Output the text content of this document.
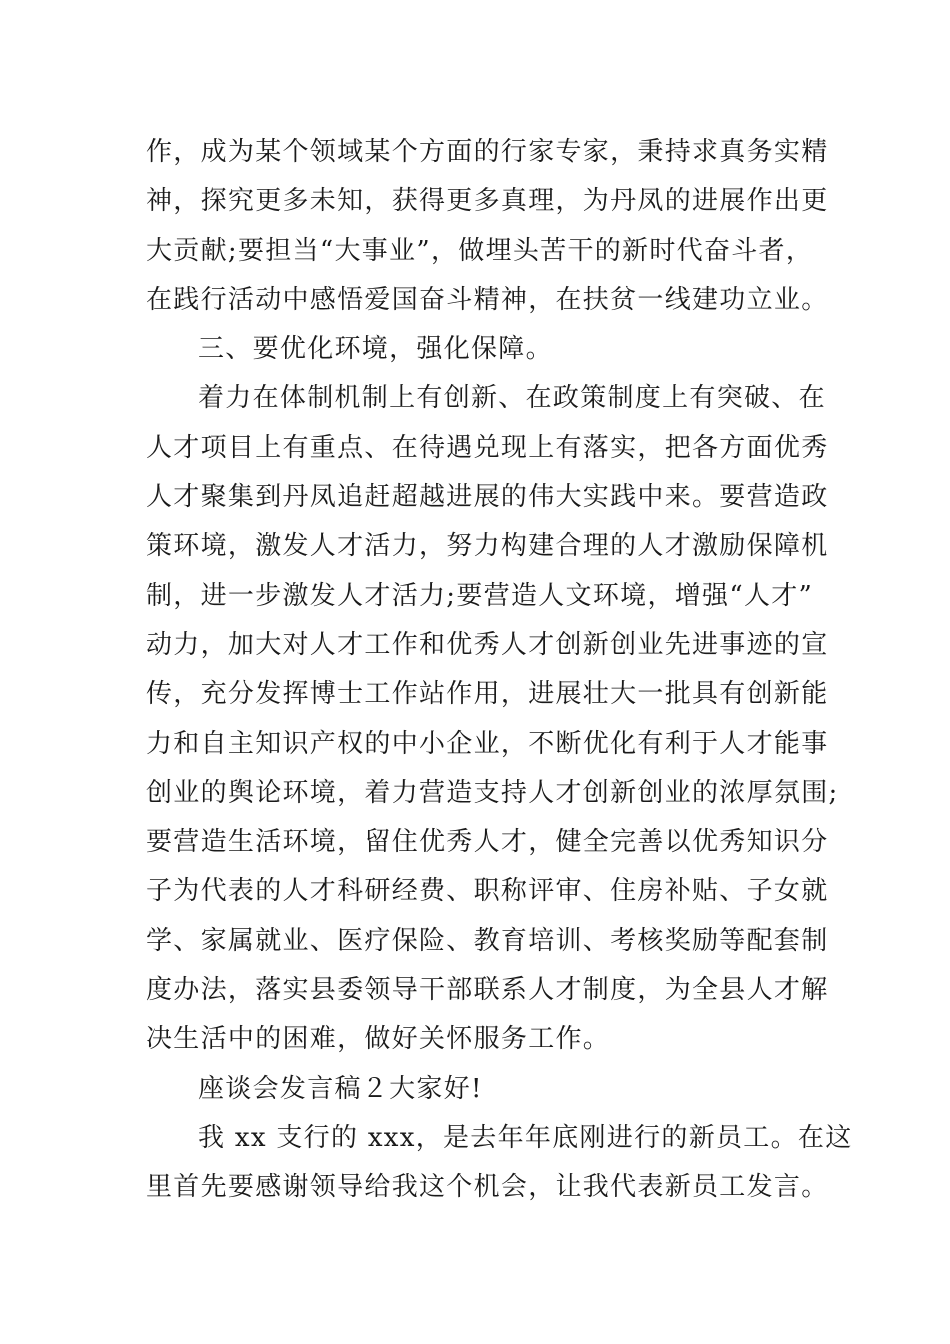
作，成为某个领域某个方面的行家专家，秉持求真务实精
神，探究更多未知，获得更多真理，为丹凤的进展作出更
大贡献;要担当“大事业”，做埋头苦干的新时代奋斗者，
在践行活动中感悟爱国奋斗精神，在扶贫一线建功立业。
三、要优化环境，强化保障。
着力在体制机制上有创新、在政策制度上有突破、在
人才项目上有重点、在待遇兑现上有落实，把各方面优秀
人才聚集到丹凤追赶超越进展的伟大实践中来。要营造政
策环境，激发人才活力，努力构建合理的人才激励保障机
制，进一步激发人才活力;要营造人文环境，增强“人才”
动力，加大对人才工作和优秀人才创新创业先进事迹的宣
传，充分发挥博士工作站作用，进展壮大一批具有创新能
力和自主知识产权的中小企业，不断优化有利于人才能事
创业的舆论环境，着力营造支持人才创新创业的浓厚氛围;
要营造生活环境，留住优秀人才，健全完善以优秀知识分
子为代表的人才科研经费、职称评审、住房补贴、子女就
学、家属就业、医疗保险、教育培训、考核奖励等配套制
度办法，落实县委领导干部联系人才制度，为全县人才解
决生活中的困难，做好关怀服务工作。
座谈会发言稿２大家好!
我 xx 支行的 xxx，是去年年底刚进行的新员工。在这
里首先要感谢领导给我这个机会，让我代表新员工发言。
